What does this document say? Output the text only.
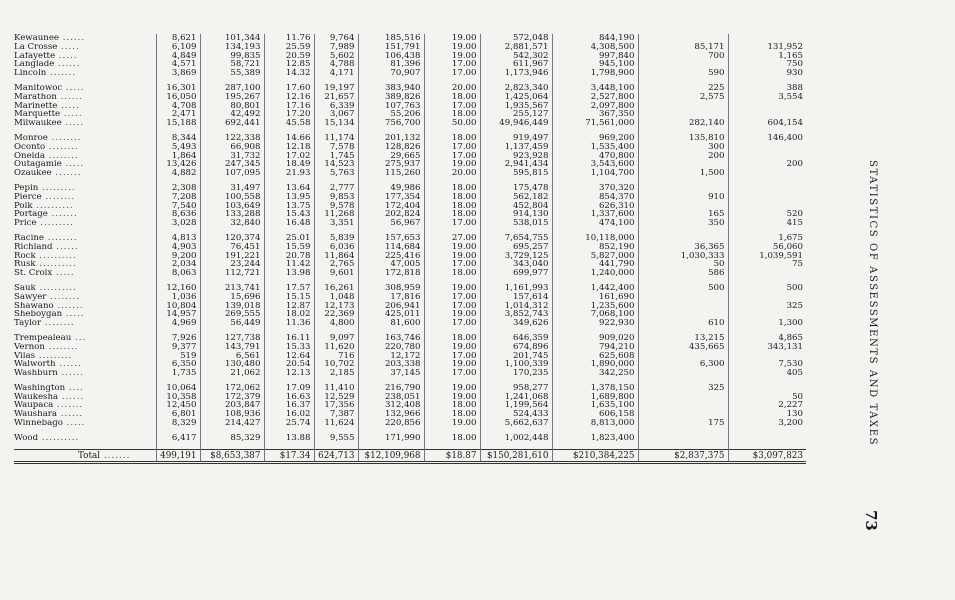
Kewaunee ......	8,621	101,344	11.76	9,764	185,516	19.00	572,048	844,190		
La Crosse .....	6,109	134,193	25.59	7,989	151,791	19.00	2,881,571	4,308,500	85,171	131,952
Lafayette .....	4,849	99,835	20.59	5,602	106,438	19.00	542,302	997,840	700	1,165
Langlade ......	4,571	58,721	12.85	4,788	81,396	17.00	611,967	945,100		750
Lincoln .......	3,869	55,389	14.32	4,171	70,907	17.00	1,173,946	1,798,900	590	930

Manitowoc .....	16,301	287,100	17.60	19,197	383,940	20.00	2,823,340	3,448,100	225	388
Marathon ......	16,050	195,267	12.16	21,657	389,826	18.00	1,425,064	2,527,800	2,575	3,554
Marinette .....	4,708	80,801	17.16	6,339	107,763	17.00	1,935,567	2,097,800		
Marquette .....	2,471	42,492	17.20	3,067	55,206	18.00	255,127	367,350		
Milwaukee .....	15,188	692,441	45.58	15,134	756,700	50.00	49,946,449	71,561,000	282,140	604,154

Monroe ........	8,344	122,338	14.66	11,174	201,132	18.00	919,497	969,200	135,810	146,400
Oconto ........	5,493	66,908	12.18	7,578	128,826	17.00	1,137,459	1,535,400	300	
Oneida ........	1,864	31,732	17.02	1,745	29,665	17.00	923,928	470,800	200	
Outagamie .....	13,426	247,345	18.49	14,523	275,937	19.00	2,941,434	3,543,600		200
Ozaukee .......	4,882	107,095	21.93	5,763	115,260	20.00	595,815	1,104,700	1,500	

Pepin .........	2,308	31,497	13.64	2,777	49,986	18.00	175,478	370,320		
Pierce ........	7,208	100,558	13.95	9,853	177,354	18.00	562,182	854,370	910	
Polk ..........	7,540	103,649	13.75	9,578	172,404	18.00	452,804	626,310		
Portage .......	8,636	133,288	15.43	11,268	202,824	18.00	914,130	1,337,600	165	520
Price .........	3,028	32,840	16.48	3,351	56,967	17.00	538,015	474,100	350	415

Racine ........	4,813	120,374	25.01	5,839	157,653	27.00	7,654,755	10,118,000		1,675
Richland ......	4,903	76,451	15.59	6,036	114,684	19.00	695,257	852,190	36,365	56,060
Rock ..........	9,200	191,221	20.78	11,864	225,416	19.00	3,729,125	5,827,000	1,030,333	1,039,591
Rusk ..........	2,034	23,244	11.42	2,765	47,005	17.00	343,040	441,790	50	75
St. Croix .....	8,063	112,721	13.98	9,601	172,818	18.00	699,977	1,240,000	586	

Sauk ..........	12,160	213,741	17.57	16,261	308,959	19.00	1,161,993	1,442,400	500	500
Sawyer ........	1,036	15,696	15.15	1,048	17,816	17.00	157,614	161,690		
Shawano .......	10,804	139,018	12.87	12,173	206,941	17.00	1,014,312	1,235,600		325
Sheboygan .....	14,957	269,555	18.02	22,369	425,011	19.00	3,852,743	7,068,100		
Taylor ........	4,969	56,449	11.36	4,800	81,600	17.00	349,626	922,930	610	1,300

Trempealeau ...	7,926	127,738	16.11	9,097	163,746	18.00	646,359	909,020	13,215	4,865
Vernon ........	9,377	143,791	15.33	11,620	220,780	19.00	674,896	794,210	435,665	343,131
Vilas .........	519	6,561	12.64	716	12,172	17.00	201,745	625,608		
Walworth ......	6,350	130,480	20.54	10,702	203,338	19.00	1,100,339	1,890,000	6,300	7,530
Washburn ......	1,735	21,062	12.13	2,185	37,145	17.00	170,235	342,250		405

Washington ....	10,064	172,062	17.09	11,410	216,790	19.00	958,277	1,378,150	325	
Waukesha ......	10,358	172,379	16.63	12,529	238,051	19.00	1,241,068	1,689,800		50
Waupaca .......	12,450	203,847	16.37	17,356	312,408	18.00	1,199,564	1,635,100		2,227
Waushara ......	6,801	108,936	16.02	7,387	132,966	18.00	524,433	606,158		130
Winnebago .....	8,329	214,427	25.74	11,624	220,856	19.00	5,662,637	8,813,000	175	3,200

Wood ..........	6,417	85,329	13.88	9,555	171,990	18.00	1,002,448	1,823,400		

Total .......	499,191	$8,653,387	$17.34	624,713	$12,109,968	$18.87	$150,281,610	$210,384,225	$2,837,375	$3,097,823
STATISTICS OF ASSESSMENTS AND TAXES
73
